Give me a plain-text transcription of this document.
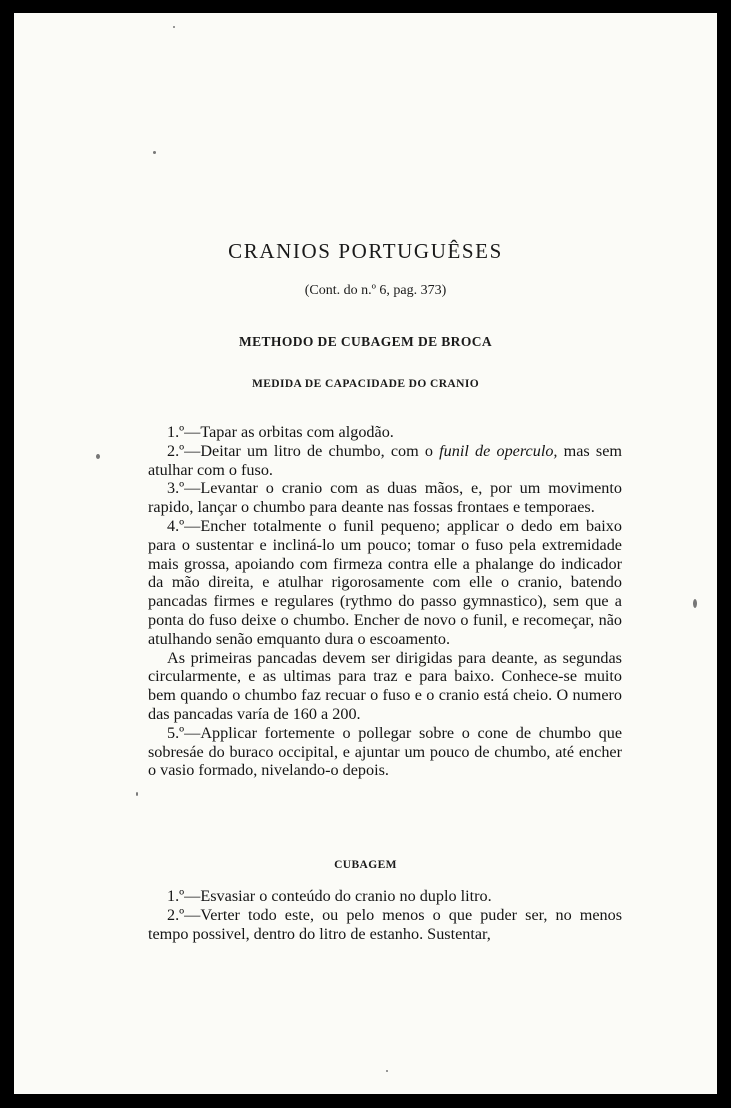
CRANIOS PORTUGUÊSES
(Cont. do n.º 6, pag. 373)
METHODO DE CUBAGEM DE BROCA
MEDIDA DE CAPACIDADE DO CRANIO

1.º—Tapar as orbitas com algodão.

2.º—Deitar um litro de chumbo, com o funil de operculo, mas sem atulhar com o fuso.

3.º—Levantar o cranio com as duas mãos, e, por um movimento rapido, lançar o chumbo para deante nas fossas frontaes e temporaes.

4.º—Encher totalmente o funil pequeno; applicar o dedo em baixo para o sustentar e incliná-lo um pouco; tomar o fuso pela extremidade mais grossa, apoiando com firmeza contra elle a phalange do indicador da mão direita, e atulhar rigorosamente com elle o cranio, batendo pancadas firmes e regulares (rythmo do passo gymnastico), sem que a ponta do fuso deixe o chumbo. Encher de novo o funil, e recomeçar, não atulhando senão emquanto dura o escoamento.

As primeiras pancadas devem ser dirigidas para deante, as segundas circularmente, e as ultimas para traz e para baixo. Conhece-se muito bem quando o chumbo faz recuar o fuso e o cranio está cheio. O numero das pancadas varía de 160 a 200.

5.º—Applicar fortemente o pollegar sobre o cone de chumbo que sobresáe do buraco occipital, e ajuntar um pouco de chumbo, até encher o vasio formado, nivelando-o depois.

CUBAGEM

1.º—Esvasiar o conteúdo do cranio no duplo litro.

2.º—Verter todo este, ou pelo menos o que puder ser, no menos tempo possivel, dentro do litro de estanho. Sustentar,
